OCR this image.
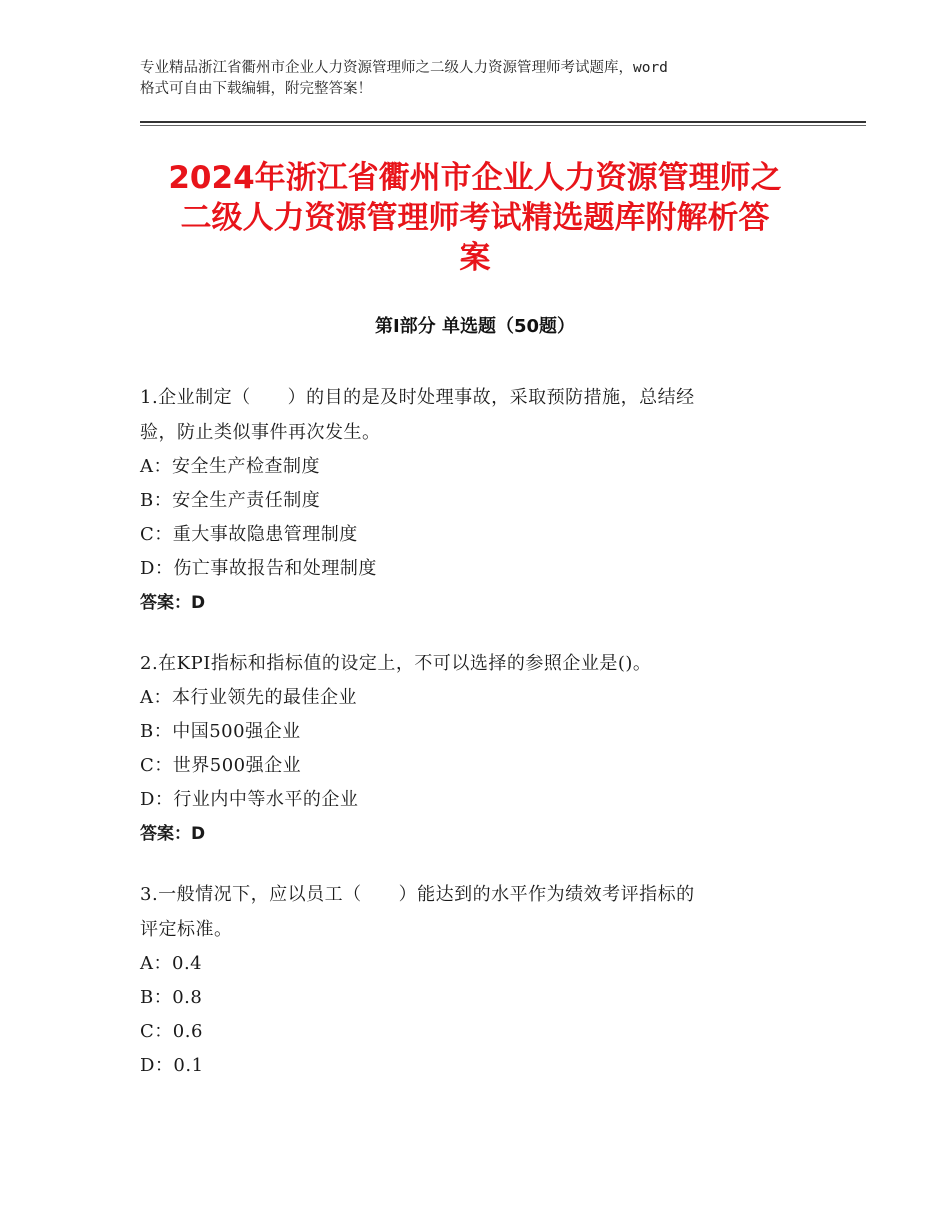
专业精品浙江省衢州市企业人力资源管理师之二级人力资源管理师考试题库，word
格式可自由下载编辑，附完整答案！
2024年浙江省衢州市企业人力资源管理师之
二级人力资源管理师考试精选题库附解析答
案
第Ⅰ部分 单选题（50题）
1.企业制定（　　）的目的是及时处理事故，采取预防措施，总结经
验，防止类似事件再次发生。
A：安全生产检查制度
B：安全生产责任制度
C：重大事故隐患管理制度
D：伤亡事故报告和处理制度
答案：D
2.在KPI指标和指标值的设定上，不可以选择的参照企业是()。
A：本行业领先的最佳企业
B：中国500强企业
C：世界500强企业
D：行业内中等水平的企业
答案：D
3.一般情况下，应以员工（　　）能达到的水平作为绩效考评指标的
评定标准。
A：0.4
B：0.8
C：0.6
D：0.1
